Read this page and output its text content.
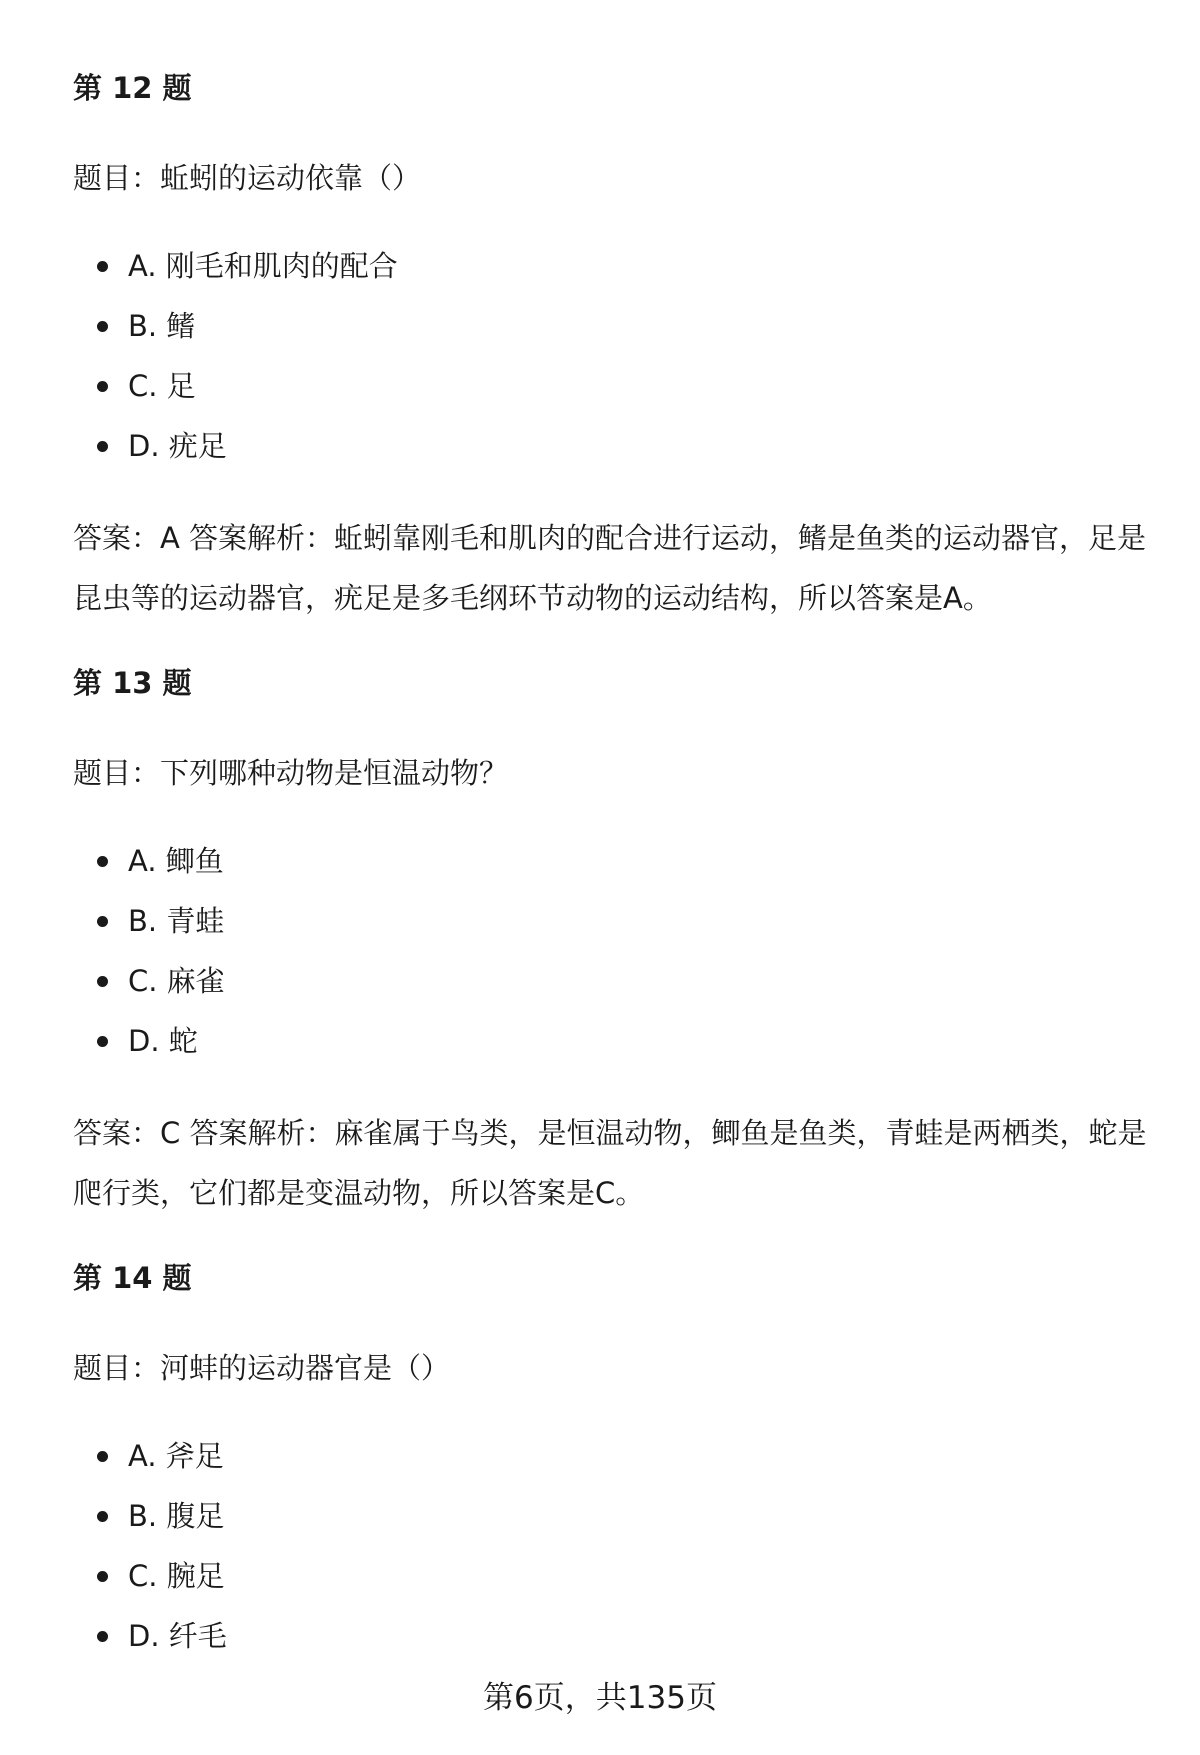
第 12 题
题目：蚯蚓的运动依靠（）
A. 刚毛和肌肉的配合
B. 鳍
C. 足
D. 疣足
答案：A 答案解析：蚯蚓靠刚毛和肌肉的配合进行运动，鳍是鱼类的运动器官，足是昆虫等的运动器官，疣足是多毛纲环节动物的运动结构，所以答案是A。
第 13 题
题目：下列哪种动物是恒温动物？
A. 鲫鱼
B. 青蛙
C. 麻雀
D. 蛇
答案：C 答案解析：麻雀属于鸟类，是恒温动物，鲫鱼是鱼类，青蛙是两栖类，蛇是爬行类，它们都是变温动物，所以答案是C。
第 14 题
题目：河蚌的运动器官是（）
A. 斧足
B. 腹足
C. 腕足
D. 纤毛
第6页，共135页
